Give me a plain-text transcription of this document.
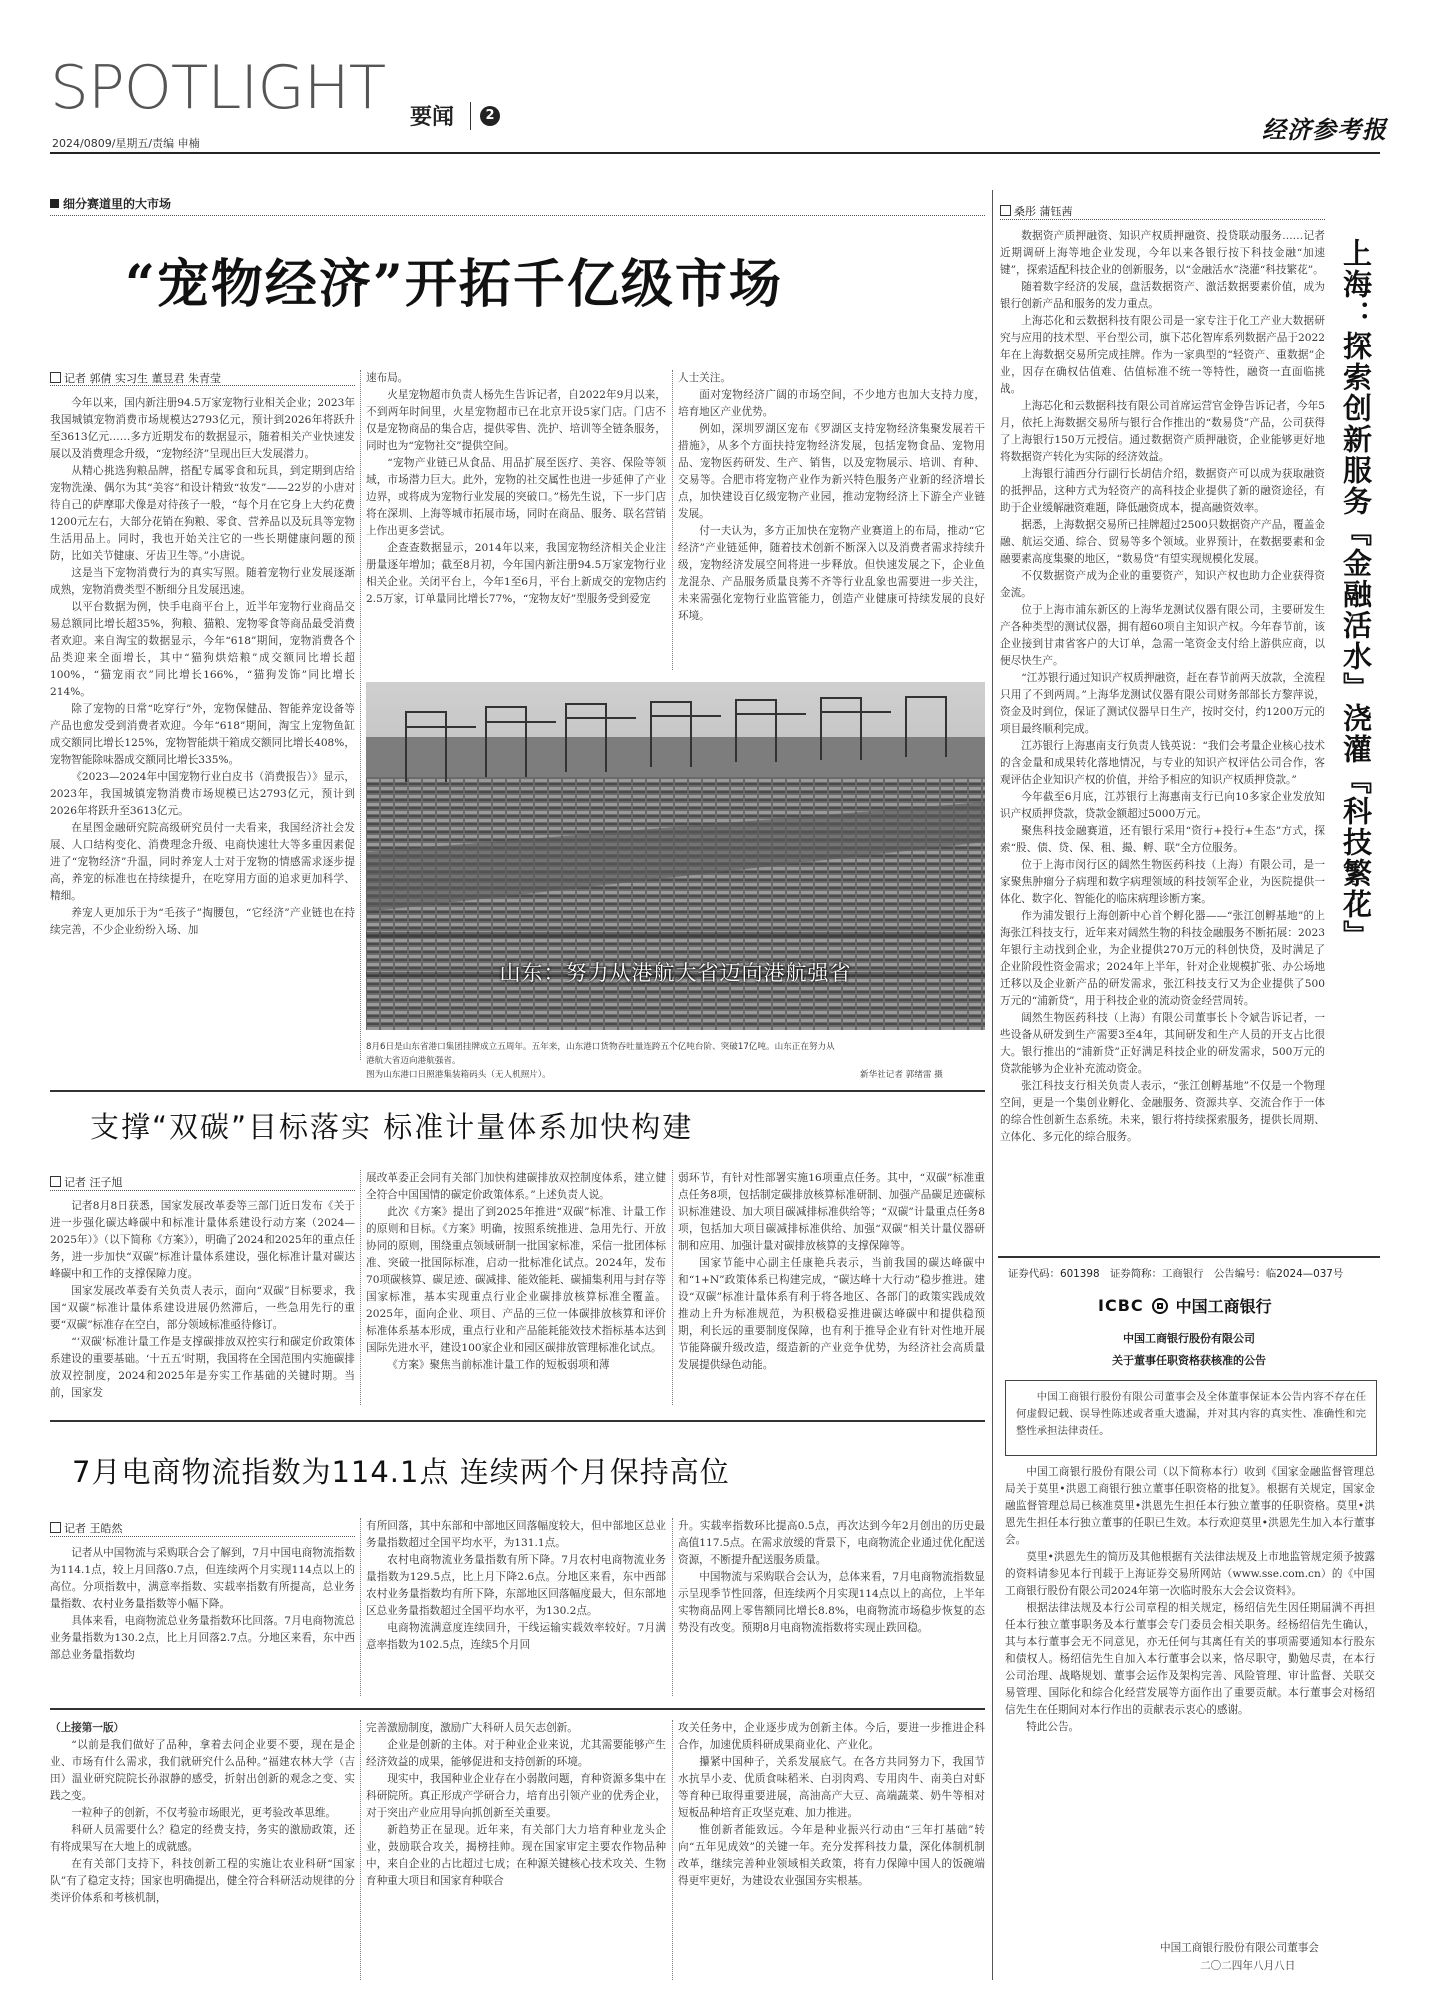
SPOTLIGHT 要闻	2
2024/0809/星期五/责编 申楠	经济参考报
细分赛道里的大市场
“宠物经济”开拓千亿级市场
记者 郭倩 实习生 董昱君 朱青莹

今年以来，国内新注册94.5万家宠物行业相关企业；2023年我国城镇宠物消费市场规模达2793亿元，预计到2026年将跃升至3613亿元……多方近期发布的数据显示，随着相关产业快速发展以及消费理念升级，“宠物经济”呈现出巨大发展潜力。

从精心挑选狗粮品牌，搭配专属零食和玩具，到定期到店给宠物洗澡、偶尔为其“美容”和设计精致“妆发”——22岁的小唐对待自己的萨摩耶犬像是对待孩子一般，“每个月在它身上大约花费1200元左右，大部分花销在狗粮、零食、营养品以及玩具等宠物生活用品上。同时，我也开始关注它的一些长期健康问题的预防，比如关节健康、牙齿卫生等。”小唐说。

这是当下宠物消费行为的真实写照。随着宠物行业发展逐渐成熟，宠物消费类型不断细分且发展迅速。

以平台数据为例，快手电商平台上，近半年宠物行业商品交易总额同比增长超35%，狗粮、猫粮、宠物零食等商品最受消费者欢迎。来自淘宝的数据显示，今年“618”期间，宠物消费各个品类迎来全面增长，其中“猫狗烘焙粮”成交额同比增长超100%，“猫宠雨衣”同比增长166%，“猫狗发饰”同比增长214%。

除了宠物的日常“吃穿行”外，宠物保健品、智能养宠设备等产品也愈发受到消费者欢迎。今年“618”期间，淘宝上宠物鱼缸成交额同比增长125%，宠物智能烘干箱成交额同比增长408%，宠物智能除味器成交额同比增长335%。

《2023—2024年中国宠物行业白皮书（消费报告）》显示，2023年，我国城镇宠物消费市场规模已达2793亿元，预计到2026年将跃升至3613亿元。

在星图金融研究院高级研究员付一夫看来，我国经济社会发展、人口结构变化、消费理念升级、电商快速壮大等多重因素促进了“宠物经济”升温，同时养宠人士对于宠物的情感需求逐步提高，养宠的标准也在持续提升，在吃穿用方面的追求更加科学、精细。

养宠人更加乐于为“毛孩子”掏腰包，“它经济”产业链也在持续完善，不少企业纷纷入场、加

速布局。

火星宠物超市负责人杨先生告诉记者，自2022年9月以来，不到两年时间里，火星宠物超市已在北京开设5家门店。门店不仅是宠物商品的集合店，提供零售、洗护、培训等全链条服务，同时也为“宠物社交”提供空间。

“宠物产业链已从食品、用品扩展至医疗、美容、保险等领域，市场潜力巨大。此外，宠物的社交属性也进一步延伸了产业边界，或将成为宠物行业发展的突破口。”杨先生说，下一步门店将在深圳、上海等城市拓展市场，同时在商品、服务、联名营销上作出更多尝试。

企查查数据显示，2014年以来，我国宠物经济相关企业注册量逐年增加；截至8月初，今年国内新注册94.5万家宠物行业相关企业。关闭平台上，今年1至6月，平台上新成交的宠物店约2.5万家，订单量同比增长77%，“宠物友好”型服务受到爱宠

人士关注。

面对宠物经济广阔的市场空间，不少地方也加大支持力度，培育地区产业优势。

例如，深圳罗湖区宠布《罗湖区支持宠物经济集聚发展若干措施》，从多个方面扶持宠物经济发展，包括宠物食品、宠物用品、宠物医药研发、生产、销售，以及宠物展示、培训、育种、交易等。合肥市将宠物产业作为新兴特色服务产业新的经济增长点，加快建设百亿级宠物产业园，推动宠物经济上下游全产业链发展。

付一夫认为，多方正加快在宠物产业赛道上的布局，推动“它经济”产业链延伸，随着技术创新不断深入以及消费者需求持续升级，宠物经济发展空间将进一步释放。但快速发展之下，企业鱼龙混杂、产品服务质量良莠不齐等行业乱象也需要进一步关注，未来需强化宠物行业监管能力，创造产业健康可持续发展的良好环境。

山东：努力从港航大省迈向港航强省
8月6日是山东省港口集团挂牌成立五周年。五年来，山东港口货物吞吐量连跨五个亿吨台阶、突破17亿吨。山东正在努力从港航大省迈向港航强省。
图为山东港口日照港集装箱码头（无人机照片）。	新华社记者 郭绪雷 摄
支撑“双碳”目标落实 标准计量体系加快构建
记者 汪子旭

记者8月8日获悉，国家发展改革委等三部门近日发布《关于进一步强化碳达峰碳中和标准计量体系建设行动方案（2024—2025年）》（以下简称《方案》），明确了2024和2025年的重点任务，进一步加快“双碳”标准计量体系建设，强化标准计量对碳达峰碳中和工作的支撑保障力度。

国家发展改革委有关负责人表示，面向“双碳”目标要求，我国“双碳”标准计量体系建设进展仍然滞后，一些急用先行的重要“双碳”标准存在空白，部分领域标准亟待修订。

“‘双碳’标准计量工作是支撑碳排放双控实行和碳定价政策体系建设的重要基础。‘十五五’时期，我国将在全国范围内实施碳排放双控制度，2024和2025年是夯实工作基础的关键时期。当前，国家发

展改革委正会同有关部门加快构建碳排放双控制度体系，建立健全符合中国国情的碳定价政策体系。”上述负责人说。

此次《方案》提出了到2025年推进“双碳”标准、计量工作的原则和目标。《方案》明确，按照系统推进、急用先行、开放协同的原则，围绕重点领域研制一批国家标准，采信一批团体标准、突破一批国际标准，启动一批标准化试点。2024年，发布70项碳核算、碳足迹、碳减排、能效能耗、碳捕集利用与封存等国家标准，基本实现重点行业企业碳排放核算标准全覆盖。2025年，面向企业、项目、产品的三位一体碳排放核算和评价标准体系基本形成，重点行业和产品能耗能效技术指标基本达到国际先进水平，建设100家企业和园区碳排放管理标准化试点。

《方案》聚焦当前标准计量工作的短板弱项和薄

弱环节，有针对性部署实施16项重点任务。其中，“双碳”标准重点任务8项，包括制定碳排放核算标准研制、加强产品碳足迹碳标识标准建设、加大项目碳减排标准供给等；“双碳”计量重点任务8项，包括加大项目碳减排标准供给、加强“双碳”相关计量仪器研制和应用、加强计量对碳排放核算的支撑保障等。

国家节能中心副主任康艳兵表示，当前我国的碳达峰碳中和“1+N”政策体系已构建完成，“碳达峰十大行动”稳步推进。建设“双碳”标准计量体系有利于将各地区、各部门的政策实践成效推动上升为标准规范，为积极稳妥推进碳达峰碳中和提供稳预期，利长远的重要制度保障，也有利于推导企业有针对性地开展节能降碳升级改造，缀造新的产业竞争优势，为经济社会高质量发展提供绿色动能。

7月电商物流指数为114.1点 连续两个月保持高位
记者 王皓然

记者从中国物流与采购联合会了解到，7月中国电商物流指数为114.1点，较上月回落0.7点，但连续两个月实现114点以上的高位。分项指数中，满意率指数、实载率指数有所提高，总业务量指数、农村业务量指数等小幅下降。

具体来看，电商物流总业务量指数环比回落。7月电商物流总业务量指数为130.2点，比上月回落2.7点。分地区来看，东中西部总业务量指数均

有所回落，其中东部和中部地区回落幅度较大，但中部地区总业务量指数超过全国平均水平，为131.1点。

农村电商物流业务量指数有所下降。7月农村电商物流业务量指数为129.5点，比上月下降2.6点。分地区来看，东中西部农村业务量指数均有所下降，东部地区回落幅度最大，但东部地区总业务量指数超过全国平均水平，为130.2点。

电商物流满意度连续回升，干线运输实载效率较好。7月满意率指数为102.5点，连续5个月回

升。实载率指数环比提高0.5点，再次达到今年2月创出的历史最高值117.5点。在需求放缓的背景下，电商物流企业通过优化配送资源，不断提升配送服务质量。

中国物流与采购联合会认为，总体来看，7月电商物流指数显示呈现季节性回落，但连续两个月实现114点以上的高位，上半年实物商品网上零售额同比增长8.8%，电商物流市场稳步恢复的态势没有改变。预期8月电商物流指数将实现止跌回稳。

（上接第一版）

“以前是我们做好了品种，拿着去问企业要不要，现在是企业、市场有什么需求，我们就研究什么品种。”福建农林大学（吉田）温业研究院院长孙淑静的感受，折射出创新的观念之变、实践之变。

一粒种子的创新，不仅考验市场眼光，更考验改革思维。

科研人员需要什么？稳定的经费支持，务实的激励政策，还有将成果写在大地上的成就感。

在有关部门支持下，科技创新工程的实施让农业科研“国家队”有了稳定支持；国家也明确提出，健全符合科研活动规律的分类评价体系和考核机制，

完善激励制度，激励广大科研人员矢志创新。

企业是创新的主体。对于种业企业来说，尤其需要能够产生经济效益的成果，能够促进和支持创新的环境。

现实中，我国种业企业存在小弱散问题，育种资源多集中在科研院所。真正形成产学研合力，培育出引领产业的优秀企业，对于突出产业应用导向抓创新至关重要。

新趋势正在显现。近年来，有关部门大力培育种业龙头企业，鼓励联合攻关，揭榜挂帅。现在国家审定主要农作物品种中，来自企业的占比超过七成；在种源关键核心技术攻关、生物育种重大项目和国家育种联合

攻关任务中，企业逐步成为创新主体。今后，要进一步推进企科合作，加速优质科研成果商业化、产业化。

攥紧中国种子，关系发展底气。在各方共同努力下，我国节水抗旱小麦、优质食味稻米、白羽肉鸡、专用肉牛、南美白对虾等育种已取得重要进展，高油高产大豆、高端蔬菜、奶牛等相对短板品种培育正攻坚克难、加力推进。

惟创新者能致远。今年是种业振兴行动由“三年打基础”转向“五年见成效”的关键一年。充分发挥科技力量，深化体制机制改革，继续完善种业领域相关政策，将有力保障中国人的饭碗端得更牢更好，为建设农业强国夯实根基。

桑彤 蒲钰茜

数据资产质押融资、知识产权质押融资、投贷联动服务……记者近期调研上海等地企业发现，今年以来各银行按下科技金融“加速键”，探索适配科技企业的创新服务，以“金融活水”浇灌“科技繁花”。

随着数字经济的发展，盘活数据资产、激活数据要素价值，成为银行创新产品和服务的发力重点。

上海芯化和云数据科技有限公司是一家专注于化工产业大数据研究与应用的技术型、平台型公司，旗下芯化智库系列数据产品于2022年在上海数据交易所完成挂牌。作为一家典型的“轻资产、重数据”企业，因存在确权估值难、估值标准不统一等特性，融资一直面临挑战。

上海芯化和云数据科技有限公司首席运营官金铮告诉记者，今年5月，依托上海数据交易所与银行合作推出的“数易贷”产品，公司获得了上海银行150万元授信。通过数据资产质押融资，企业能够更好地将数据资产转化为实际的经济效益。

上海银行浦西分行副行长胡佶介绍，数据资产可以成为获取融资的抵押品，这种方式为轻资产的高科技企业提供了新的融资途径，有助于企业缓解融资难题，降低融资成本，提高融资效率。

据悉，上海数据交易所已挂牌超过2500只数据资产产品，覆盖金融、航运交通、综合、贸易等多个领域。业界预计，在数据要素和金融要素高度集聚的地区，“数易贷”有望实现规模化发展。

不仅数据资产成为企业的重要资产，知识产权也助力企业获得资金流。

位于上海市浦东新区的上海华龙测试仪器有限公司，主要研发生产各种类型的测试仪器，拥有超60项自主知识产权。今年春节前，该企业接到甘肃省客户的大订单，急需一笔资金支付给上游供应商，以便尽快生产。

“江苏银行通过知识产权质押融资，赶在春节前两天放款，全流程只用了不到两周。”上海华龙测试仪器有限公司财务部部长方黎萍说，资金及时到位，保证了测试仪器早日生产，按时交付，约1200万元的项目最终顺利完成。

江苏银行上海惠南支行负责人钱英说：“我们会考量企业核心技术的含金量和成果转化落地情况，与专业的知识产权评估公司合作，客观评估企业知识产权的价值，并给予相应的知识产权质押贷款。”

今年截至6月底，江苏银行上海惠南支行已向10多家企业发放知识产权质押贷款，贷款金额超过5000万元。

聚焦科技金融赛道，还有银行采用“资行+投行+生态”方式，探索“股、债、贷、保、租、撮、孵、联”全方位服务。

位于上海市闵行区的阔然生物医药科技（上海）有限公司，是一家聚焦肿瘤分子病理和数字病理领域的科技领军企业，为医院提供一体化、数字化、智能化的临床病理诊断方案。

作为浦发银行上海创新中心首个孵化器——“张江创孵基地”的上海张江科技支行，近年来对阔然生物的科技金融服务不断拓展：2023年银行主动找到企业，为企业提供270万元的科创快贷，及时满足了企业阶段性资金需求；2024年上半年，针对企业规模扩张、办公场地迁移以及企业新产品的研发需求，张江科技支行又为企业提供了500万元的“浦新贷”，用于科技企业的流动资金经营周转。

阔然生物医药科技（上海）有限公司董事长卜令斌告诉记者，一些设备从研发到生产需要3至4年，其间研发和生产人员的开支占比很大。银行推出的“浦新贷”正好满足科技企业的研发需求，500万元的贷款能够为企业补充流动资金。

张江科技支行相关负责人表示，“张江创孵基地”不仅是一个物理空间，更是一个集创业孵化、金融服务、资源共享、交流合作于一体的综合性创新生态系统。未来，银行将持续探索服务，提供长周期、立体化、多元化的综合服务。

上海：探索创新服务『金融活水』浇灌『科技繁花』
证券代码：601398　证券简称：工商银行　公告编号：临2024—037号
ICBC 中国工商银行
中国工商银行股份有限公司
关于董事任职资格获核准的公告
中国工商银行股份有限公司董事会及全体董事保证本公告内容不存在任何虚假记载、误导性陈述或者重大遗漏，并对其内容的真实性、准确性和完整性承担法律责任。

中国工商银行股份有限公司（以下简称本行）收到《国家金融监督管理总局关于莫里•洪恩工商银行独立董事任职资格的批复》。根据有关规定，国家金融监督管理总局已核准莫里•洪恩先生担任本行独立董事的任职资格。莫里•洪恩先生担任本行独立董事的任职已生效。本行欢迎莫里•洪恩先生加入本行董事会。

莫里•洪恩先生的简历及其他根据有关法律法规及上市地监管规定须予披露的资料请参见本行刊载于上海证券交易所网站（www.sse.com.cn）的《中国工商银行股份有限公司2024年第一次临时股东大会会议资料》。

根据法律法规及本行公司章程的相关规定，杨绍信先生因任期届满不再担任本行独立董事职务及本行董事会专门委员会相关职务。经杨绍信先生确认，其与本行董事会无不同意见，亦无任何与其离任有关的事项需要通知本行股东和债权人。杨绍信先生自加入本行董事会以来，恪尽职守，勤勉尽责，在本行公司治理、战略规划、董事会运作及架构完善、风险管理、审计监督、关联交易管理、国际化和综合化经营发展等方面作出了重要贡献。本行董事会对杨绍信先生在任期间对本行作出的贡献表示衷心的感谢。

特此公告。

中国工商银行股份有限公司董事会
二〇二四年八月八日
